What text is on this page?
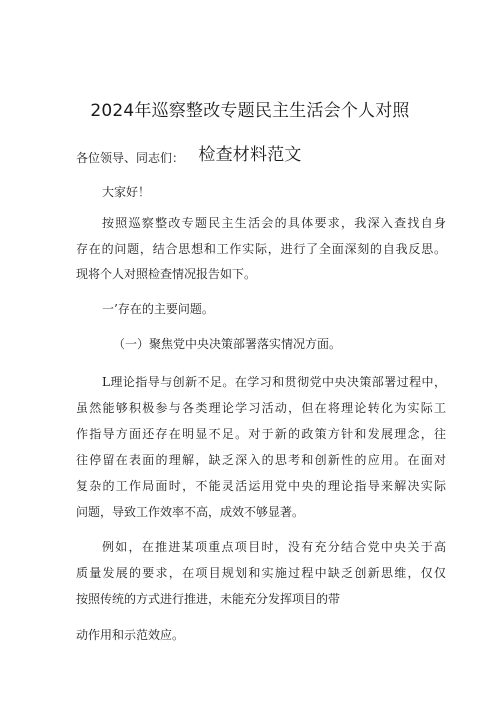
2024年巡察整改专题民主生活会个人对照
检查材料范文
各位领导、同志们：
大家好！
按照巡察整改专题民主生活会的具体要求，我深入查找自身
存在的问题，结合思想和工作实际，进行了全面深刻的自我反思。
现将个人对照检查情况报告如下。
一’存在的主要问题。
（一）聚焦党中央决策部署落实情况方面。
L理论指导与创新不足。在学习和贯彻党中央决策部署过程中，
虽然能够积极参与各类理论学习活动，但在将理论转化为实际工
作指导方面还存在明显不足。对于新的政策方针和发展理念，往
往停留在表面的理解，缺乏深入的思考和创新性的应用。在面对
复杂的工作局面时，不能灵活运用党中央的理论指导来解决实际
问题，导致工作效率不高，成效不够显著。
例如，在推进某项重点项目时，没有充分结合党中央关于高
质量发展的要求，在项目规划和实施过程中缺乏创新思维，仅仅
按照传统的方式进行推进，未能充分发挥项目的带
动作用和示范效应。
